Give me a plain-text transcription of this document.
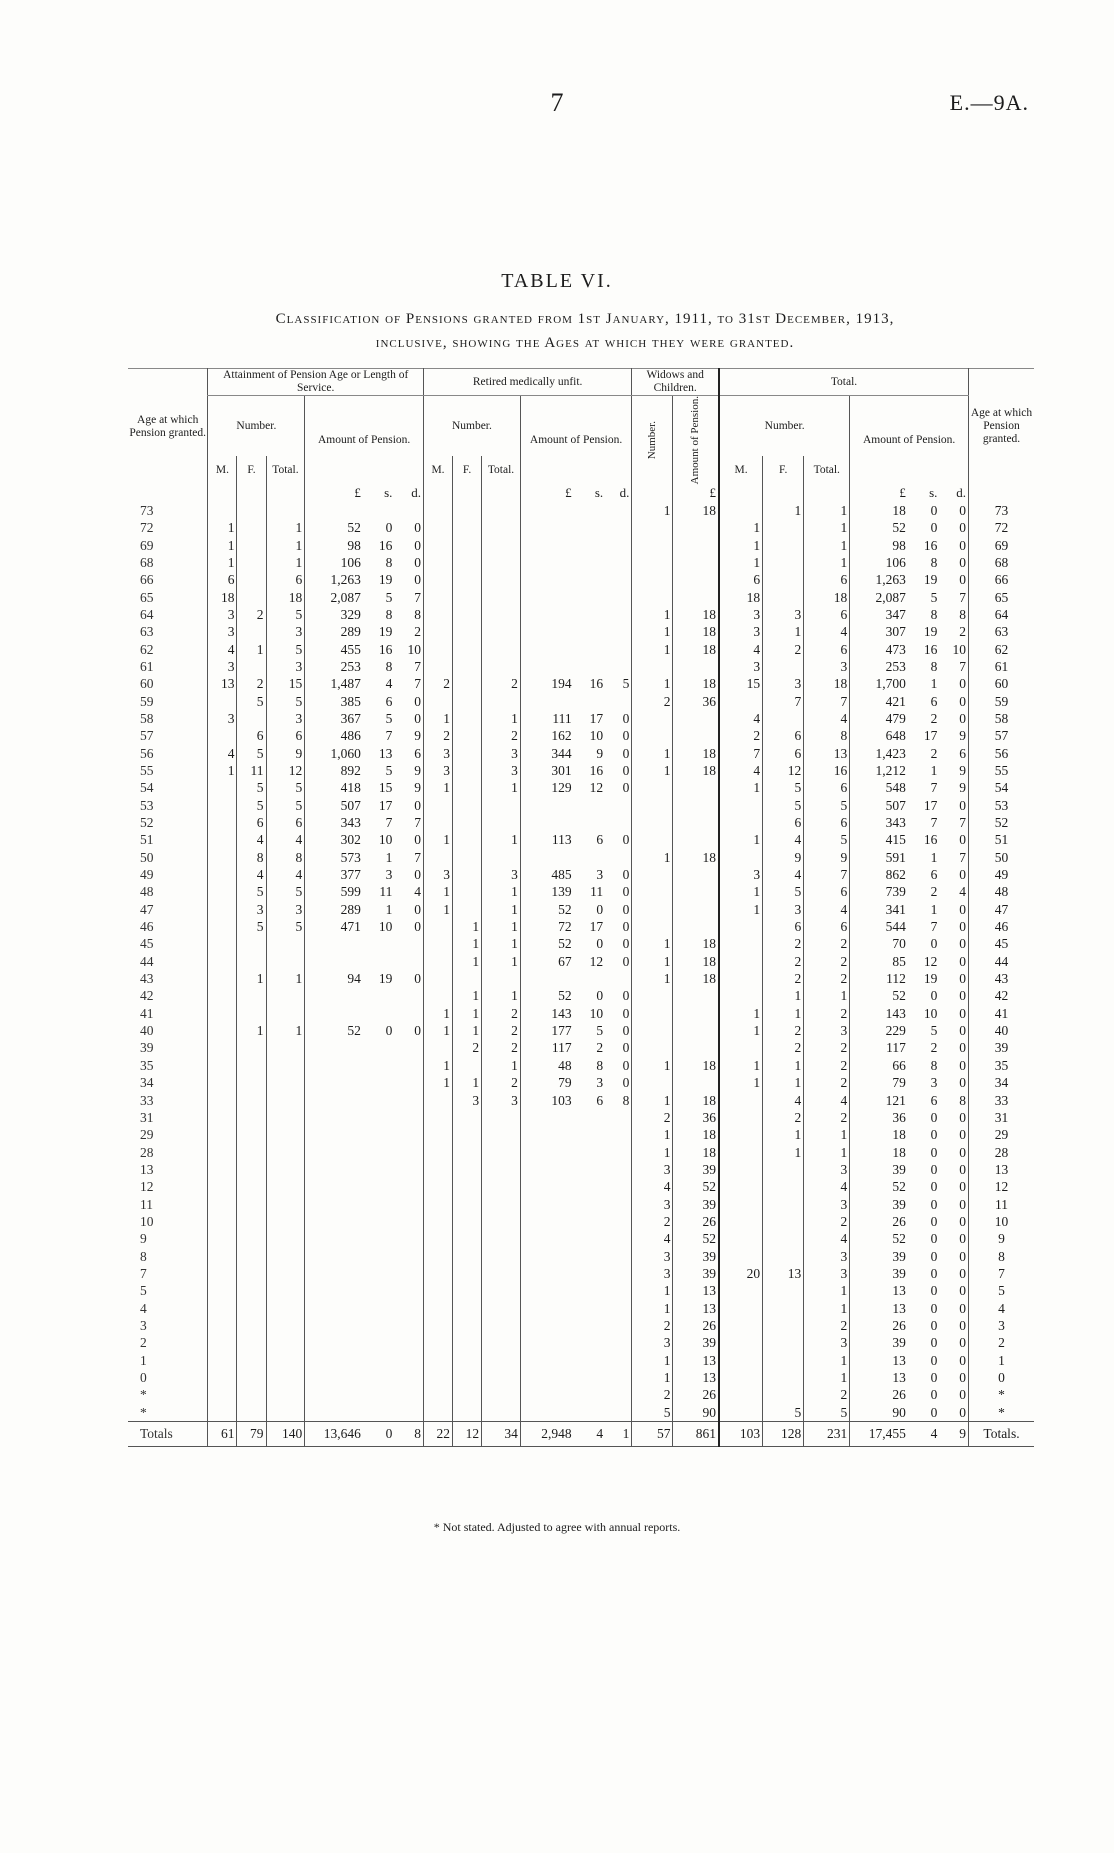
7	E.—9A.
TABLE VI.
Classification of Pensions granted from 1st January, 1911, to 31st December, 1913,
inclusive, showing the Ages at which they were granted.
Age at which Pension granted.	Attainment of Pension Age or Length of Service.						Retired medically unfit.						Widows and Children.		Total.						Age at which Pension granted.
	Number.			Amount of Pension.			Number.			Amount of Pension.			Number.	Amount of Pension.	Number.			Amount of Pension.			
	M.	F.	Total.				M.	F.	Total.						M.	F.	Total.				
				£	s.	d.				£	s.	d.		£				£	s.	d.	
73													1	18		1	1	18	0	0	73
72	1		1	52	0	0									1		1	52	0	0	72
69	1		1	98	16	0									1		1	98	16	0	69
68	1		1	106	8	0									1		1	106	8	0	68
66	6		6	1,263	19	0									6		6	1,263	19	0	66
65	18		18	2,087	5	7									18		18	2,087	5	7	65
64	3	2	5	329	8	8							1	18	3	3	6	347	8	8	64
63	3		3	289	19	2							1	18	3	1	4	307	19	2	63
62	4	1	5	455	16	10							1	18	4	2	6	473	16	10	62
61	3		3	253	8	7									3		3	253	8	7	61
60	13	2	15	1,487	4	7	2		2	194	16	5	1	18	15	3	18	1,700	1	0	60
59		5	5	385	6	0							2	36		7	7	421	6	0	59
58	3		3	367	5	0	1		1	111	17	0			4		4	479	2	0	58
57		6	6	486	7	9	2		2	162	10	0			2	6	8	648	17	9	57
56	4	5	9	1,060	13	6	3		3	344	9	0	1	18	7	6	13	1,423	2	6	56
55	1	11	12	892	5	9	3		3	301	16	0	1	18	4	12	16	1,212	1	9	55
54		5	5	418	15	9	1		1	129	12	0			1	5	6	548	7	9	54
53		5	5	507	17	0										5	5	507	17	0	53
52		6	6	343	7	7										6	6	343	7	7	52
51		4	4	302	10	0	1		1	113	6	0			1	4	5	415	16	0	51
50		8	8	573	1	7							1	18		9	9	591	1	7	50
49		4	4	377	3	0	3		3	485	3	0			3	4	7	862	6	0	49
48		5	5	599	11	4	1		1	139	11	0			1	5	6	739	2	4	48
47		3	3	289	1	0	1		1	52	0	0			1	3	4	341	1	0	47
46		5	5	471	10	0		1	1	72	17	0				6	6	544	7	0	46
45								1	1	52	0	0	1	18		2	2	70	0	0	45
44								1	1	67	12	0	1	18		2	2	85	12	0	44
43		1	1	94	19	0							1	18		2	2	112	19	0	43
42								1	1	52	0	0				1	1	52	0	0	42
41							1	1	2	143	10	0			1	1	2	143	10	0	41
40		1	1	52	0	0	1	1	2	177	5	0			1	2	3	229	5	0	40
39								2	2	117	2	0				2	2	117	2	0	39
35							1		1	48	8	0	1	18	1	1	2	66	8	0	35
34							1	1	2	79	3	0			1	1	2	79	3	0	34
33								3	3	103	6	8	1	18		4	4	121	6	8	33
31													2	36		2	2	36	0	0	31
29													1	18		1	1	18	0	0	29
28													1	18		1	1	18	0	0	28
13													3	39			3	39	0	0	13
12													4	52			4	52	0	0	12
11													3	39			3	39	0	0	11
10													2	26			2	26	0	0	10
9													4	52			4	52	0	0	9
8													3	39			3	39	0	0	8
7													3	39	20	13	3	39	0	0	7
5													1	13			1	13	0	0	5
4													1	13			1	13	0	0	4
3													2	26			2	26	0	0	3
2													3	39			3	39	0	0	2
1													1	13			1	13	0	0	1
0													1	13			1	13	0	0	0
*													2	26			2	26	0	0	*
*													5	90		5	5	90	0	0	*
Totals	61	79	140	13,646	0	8	22	12	34	2,948	4	1	57	861	103	128	231	17,455	4	9	Totals.
* Not stated. Adjusted to agree with annual reports.
